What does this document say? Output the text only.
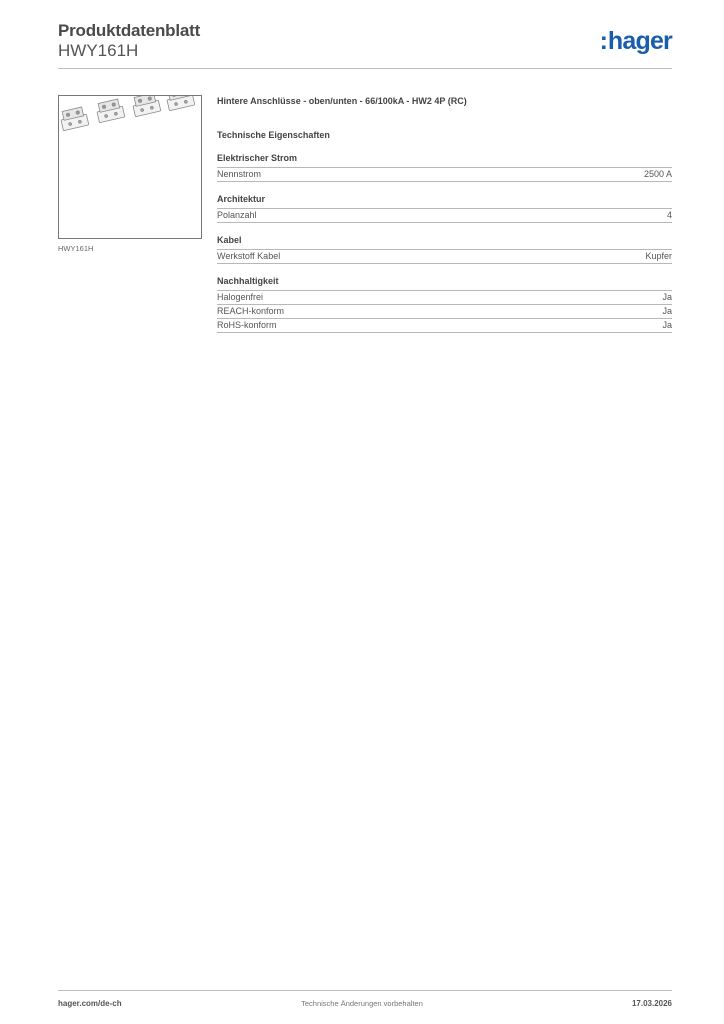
Produktdatenblatt
HWY161H	:hager
HWY161H
Hintere Anschlüsse - oben/unten - 66/100kA - HW2 4P (RC)
Technische Eigenschaften
Elektrischer Strom
Nennstrom	2500 A
Architektur
Polanzahl	4
Kabel
Werkstoff Kabel	Kupfer
Nachhaltigkeit
Halogenfrei	Ja
REACH-konform	Ja
RoHS-konform	Ja
hager.com/de-ch	Technische Änderungen vorbehalten	17.03.2026
